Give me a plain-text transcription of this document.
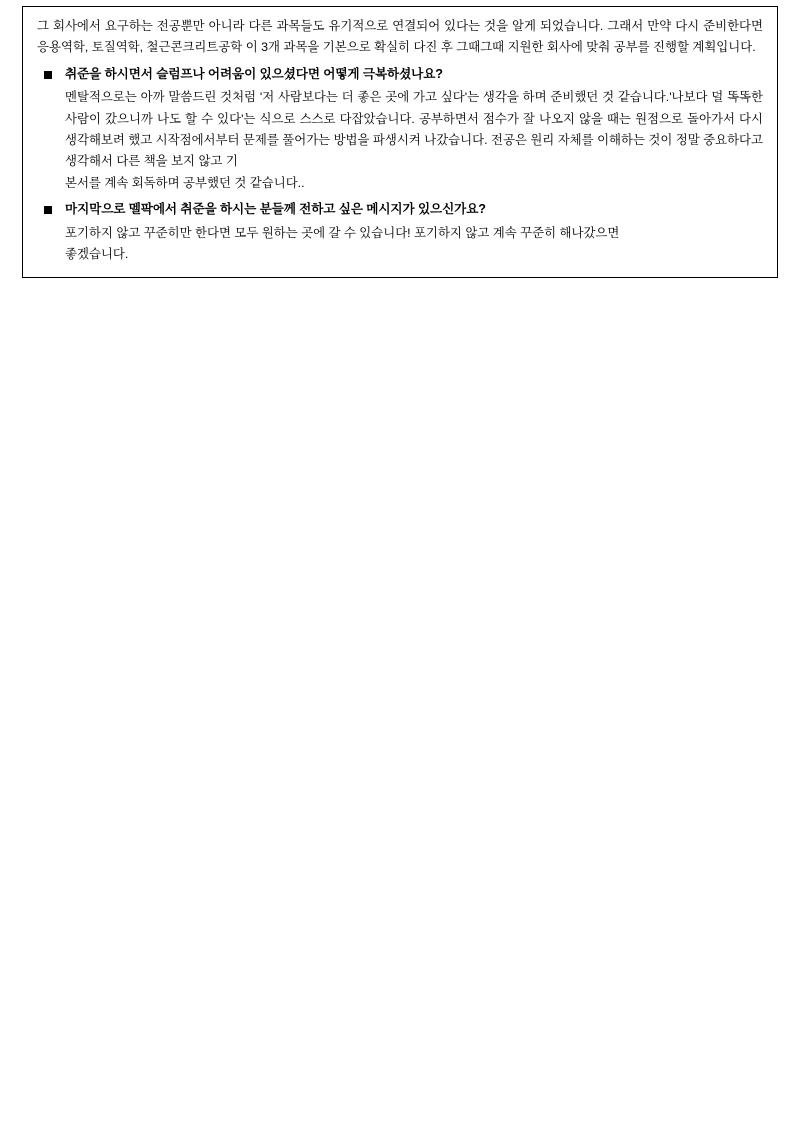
그 회사에서 요구하는 전공뿐만 아니라 다른 과목들도 유기적으로 연결되어 있다는 것을 알게 되었습니다. 그래서 만약 다시 준비한다면 응용역학, 토질역학, 철근콘크리트공학 이 3개 과목을 기본으로 확실히 다진 후 그때그때 지원한 회사에 맞춰 공부를 진행할 계획입니다.

취준을 하시면서 슬럼프나 어려움이 있으셨다면 어떻게 극복하셨나요?

멘탈적으로는 아까 말씀드린 것처럼 '저 사람보다는 더 좋은 곳에 가고 싶다'는 생각을 하며 준비했던 것 같습니다.'나보다 덜 똑똑한 사람이 갔으니까 나도 할 수 있다'는 식으로 스스로 다잡았습니다. 공부하면서 점수가 잘 나오지 않을 때는 원점으로 돌아가서 다시 생각해보려 했고 시작점에서부터 문제를 풀어가는 방법을 파생시켜 나갔습니다. 전공은 원리 자체를 이해하는 것이 정말 중요하다고 생각해서 다른 책을 보지 않고 기

본서를 계속 회독하며 공부했던 것 같습니다..

마지막으로 멜팍에서 취준을 하시는 분들께 전하고 싶은 메시지가 있으신가요?

포기하지 않고 꾸준히만 한다면 모두 원하는 곳에 갈 수 있습니다! 포기하지 않고 계속 꾸준히 해나갔으면

좋겠습니다.
